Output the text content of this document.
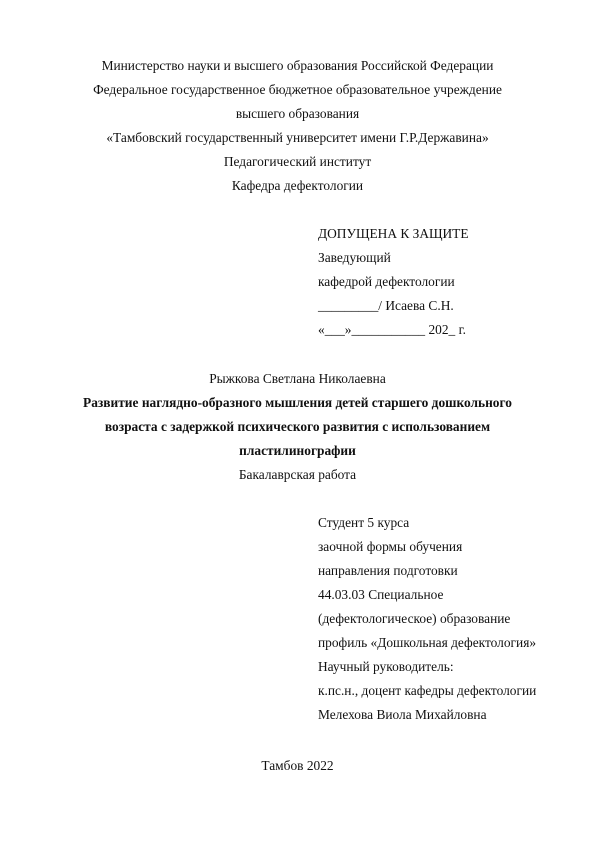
Министерство науки и высшего образования Российской Федерации
Федеральное государственное бюджетное образовательное учреждение
высшего образования
«Тамбовский государственный университет имени Г.Р.Державина»
Педагогический институт
Кафедра дефектологии
ДОПУЩЕНА К ЗАЩИТЕ
Заведующий
кафедрой дефектологии
_________/ Исаева С.Н.
«___»___________ 202_ г.
Рыжкова Светлана Николаевна
Развитие наглядно-образного мышления детей старшего дошкольного
возраста с задержкой психического развития с использованием
пластилинографии
Бакалаврская работа
Студент 5 курса
заочной формы обучения
направления подготовки
44.03.03 Специальное
(дефектологическое) образование
профиль «Дошкольная дефектология»
Научный руководитель:
к.пс.н., доцент кафедры дефектологии
Мелехова Виола Михайловна
Тамбов 2022
